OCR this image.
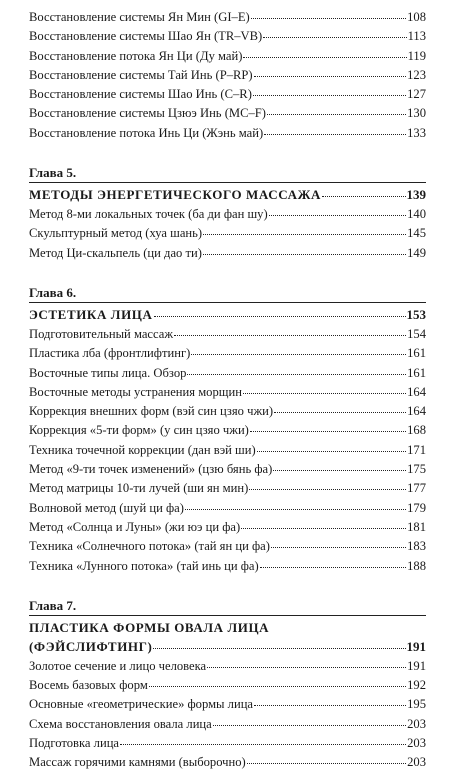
Восстановление системы Ян Мин (GI–E)	108
Восстановление системы Шао Ян (TR–VB)	113
Восстановление потока Ян Ци (Ду май)	119
Восстановление системы Тай Инь (P–RP)	123
Восстановление системы Шао Инь (C–R)	127
Восстановление системы Цзюэ Инь (MC–F)	130
Восстановление потока Инь Ци (Жэнь май)	133
Глава 5.
МЕТОДЫ ЭНЕРГЕТИЧЕСКОГО МАССАЖА	139
Метод 8-ми локальных точек (ба ди фан шу)	140
Скульптурный метод (хуа шань)	145
Метод Ци-скальпель (ци дао ти)	149
Глава 6.
ЭСТЕТИКА ЛИЦА	153
Подготовительный массаж	154
Пластика лба (фронтлифтинг)	161
Восточные типы лица. Обзор	161
Восточные методы устранения морщин	164
Коррекция внешних форм (вэй син цзяо чжи)	164
Коррекция «5-ти форм» (у син цзяо чжи)	168
Техника точечной коррекции (дан вэй ши)	171
Метод «9-ти точек изменений» (цзю бянь фа)	175
Метод матрицы 10-ти лучей (ши ян мин)	177
Волновой метод (шуй ци фа)	179
Метод «Солнца и Луны» (жи юэ ци фа)	181
Техника «Солнечного потока» (тай ян ци фа)	183
Техника «Лунного потока» (тай инь ци фа)	188
Глава 7.
ПЛАСТИКА ФОРМЫ ОВАЛА ЛИЦА
(ФЭЙСЛИФТИНГ)	191
Золотое сечение и лицо человека	191
Восемь базовых форм	192
Основные «геометрические» формы лица	195
Схема восстановления овала лица	203
Подготовка лица	203
Массаж горячими камнями (выборочно)	203
